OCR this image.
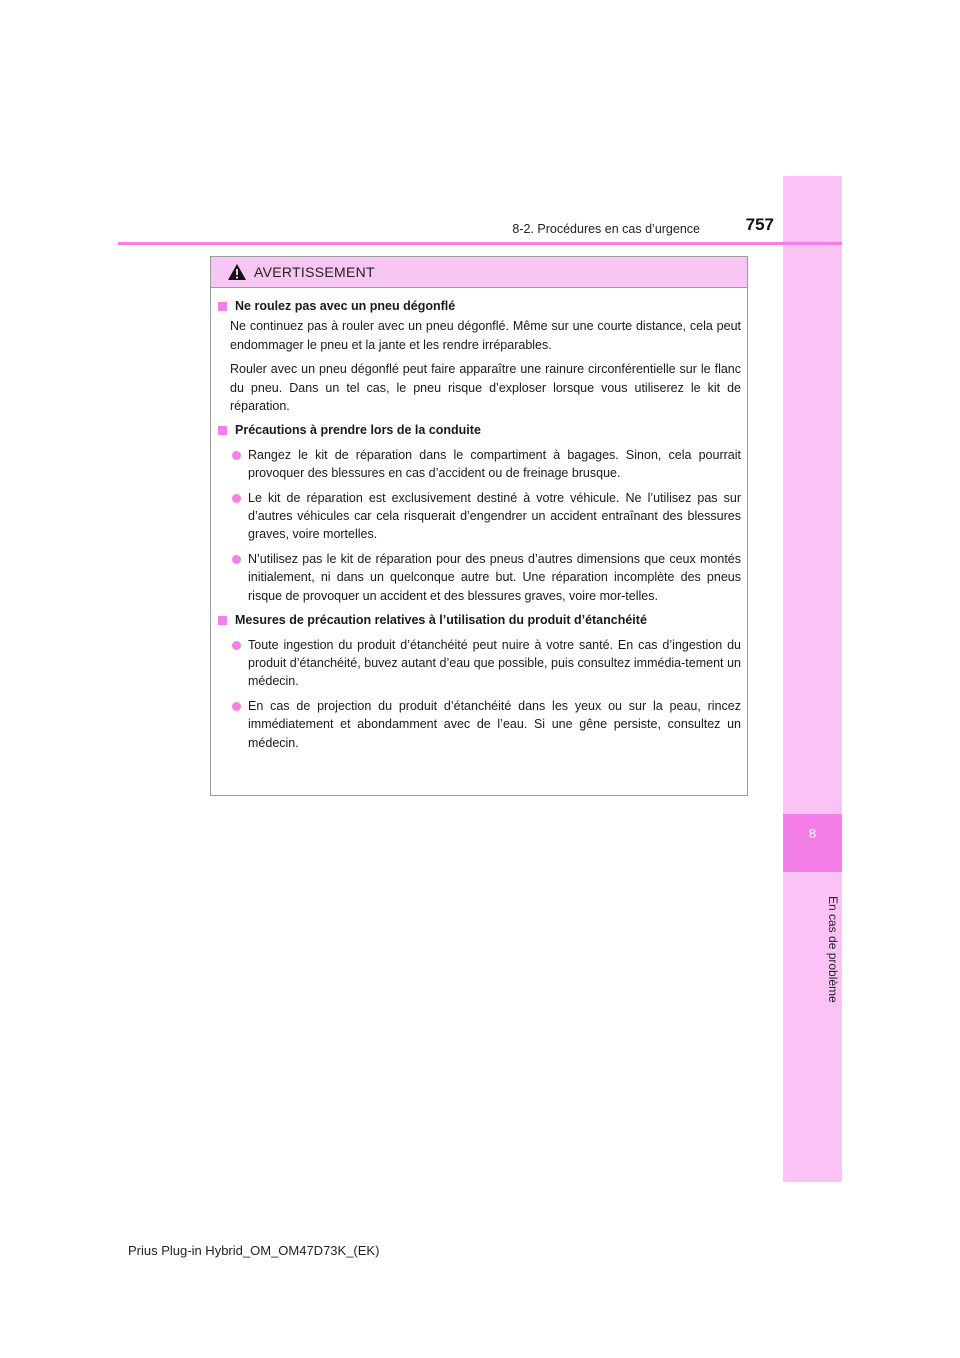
8
En cas de problème
8-2. Procédures en cas d’urgence	757
AVERTISSEMENT
Ne roulez pas avec un pneu dégonflé
Ne continuez pas à rouler avec un pneu dégonflé. Même sur une courte distance, cela peut endommager le pneu et la jante et les rendre irréparables.
Rouler avec un pneu dégonflé peut faire apparaître une rainure circonférentielle sur le flanc du pneu. Dans un tel cas, le pneu risque d’exploser lorsque vous utiliserez le kit de réparation.
Précautions à prendre lors de la conduite
Rangez le kit de réparation dans le compartiment à bagages. Sinon, cela pourrait provoquer des blessures en cas d’accident ou de freinage brusque.
Le kit de réparation est exclusivement destiné à votre véhicule. Ne l’utilisez pas sur d’autres véhicules car cela risquerait d’engendrer un accident entraînant des blessures graves, voire mortelles.
N’utilisez pas le kit de réparation pour des pneus d’autres dimensions que ceux montés initialement, ni dans un quelconque autre but. Une réparation incomplète des pneus risque de provoquer un accident et des blessures graves, voire mor-telles.
Mesures de précaution relatives à l’utilisation du produit d’étanchéité
Toute ingestion du produit d’étanchéité peut nuire à votre santé. En cas d’ingestion du produit d’étanchéité, buvez autant d’eau que possible, puis consultez immédia-tement un médecin.
En cas de projection du produit d’étanchéité dans les yeux ou sur la peau, rincez immédiatement et abondamment avec de l’eau. Si une gêne persiste, consultez un médecin.
Prius Plug-in Hybrid_OM_OM47D73K_(EK)
